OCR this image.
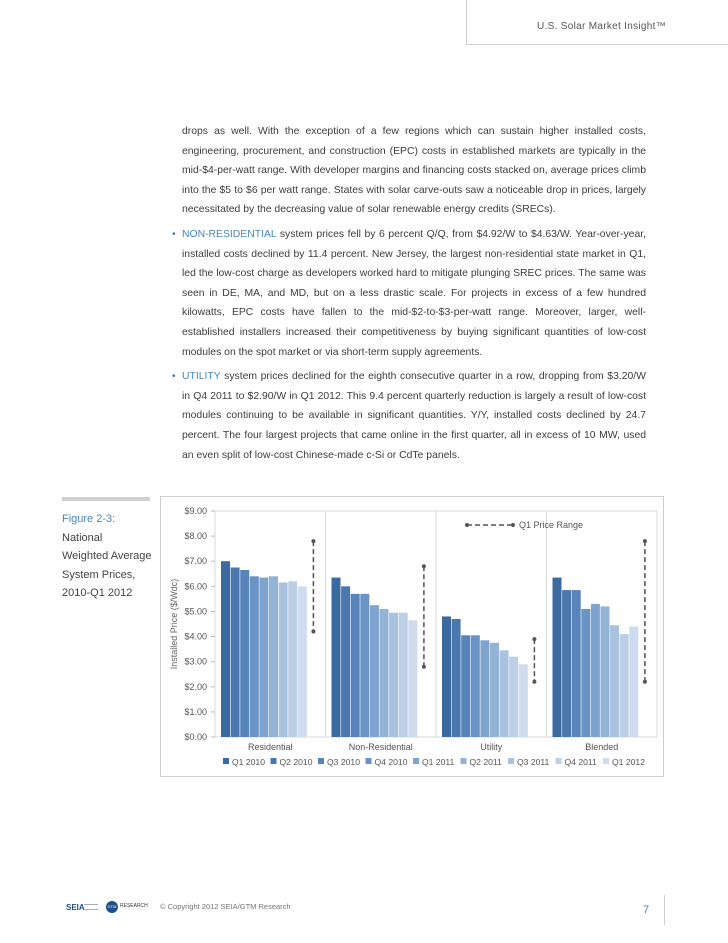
U.S. Solar Market Insight™

drops as well. With the exception of a few regions which can sustain higher installed costs, engineering, procurement, and construction (EPC) costs in established markets are typically in the mid-$4-per-watt range. With developer margins and financing costs stacked on, average prices climb into the $5 to $6 per watt range. States with solar carve-outs saw a noticeable drop in prices, largely necessitated by the decreasing value of solar renewable energy credits (SRECs).

• NON-RESIDENTIAL system prices fell by 6 percent Q/Q, from $4.92/W to $4.63/W. Year-over-year, installed costs declined by 11.4 percent. New Jersey, the largest non-residential state market in Q1, led the low-cost charge as developers worked hard to mitigate plunging SREC prices. The same was seen in DE, MA, and MD, but on a less drastic scale. For projects in excess of a few hundred kilowatts, EPC costs have fallen to the mid-$2-to-$3-per-watt range. Moreover, larger, well-established installers increased their competitiveness by buying significant quantities of low-cost modules on the spot market or via short-term supply agreements.

• UTILITY system prices declined for the eighth consecutive quarter in a row, dropping from $3.20/W in Q4 2011 to $2.90/W in Q1 2012. This 9.4 percent quarterly reduction is largely a result of low-cost modules continuing to be available in significant quantities. Y/Y, installed costs declined by 24.7 percent. The four largest projects that came online in the first quarter, all in excess of 10 MW, used an even split of low-cost Chinese-made c-Si or CdTe panels.

Figure 2-3:
National
Weighted Average
System Prices,
2010-Q1 2012
$0.00
$1.00
$2.00
$3.00
$4.00
$5.00
$6.00
$7.00
$8.00
$9.00
Installed Price ($/Wdc)
Residential	Non-Residential	Utility	Blended
Q1 Price Range
Q1 2010 Q2 2010 Q3 2010 Q4 2010 Q1 2011 Q2 2011 Q3 2011 Q4 2011 Q1 2012
SEIA	GTM RESEARCH © Copyright 2012 SEIA/GTM Research	7
